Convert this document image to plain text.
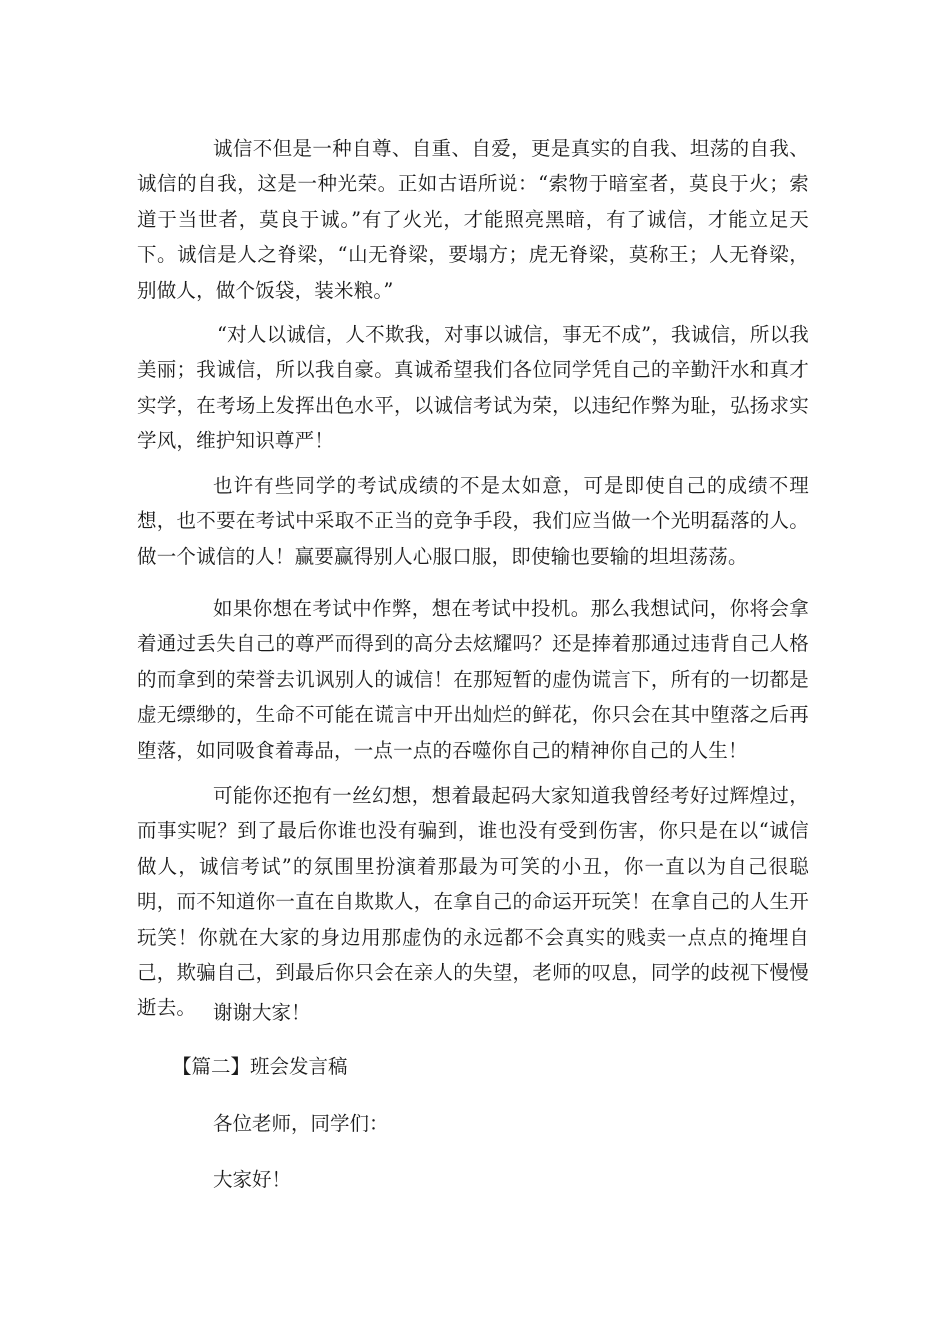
诚信不但是一种自尊、自重、自爱，更是真实的自我、坦荡的自我、诚信的自我，这是一种光荣。正如古语所说：“索物于暗室者，莫良于火；索道于当世者，莫良于诚。”有了火光，才能照亮黑暗，有了诚信，才能立足天下。诚信是人之脊梁，“山无脊梁，要塌方；虎无脊梁，莫称王；人无脊梁，别做人，做个饭袋，装米粮。”

“对人以诚信，人不欺我，对事以诚信，事无不成”，我诚信，所以我美丽；我诚信，所以我自豪。真诚希望我们各位同学凭自己的辛勤汗水和真才实学，在考场上发挥出色水平，以诚信考试为荣，以违纪作弊为耻，弘扬求实学风，维护知识尊严！

也许有些同学的考试成绩的不是太如意，可是即使自己的成绩不理想，也不要在考试中采取不正当的竞争手段，我们应当做一个光明磊落的人。做一个诚信的人！赢要赢得别人心服口服，即使输也要输的坦坦荡荡。

如果你想在考试中作弊，想在考试中投机。那么我想试问，你将会拿着通过丢失自己的尊严而得到的高分去炫耀吗？还是捧着那通过违背自己人格的而拿到的荣誉去讥讽别人的诚信！在那短暂的虚伪谎言下，所有的一切都是虚无缥缈的，生命不可能在谎言中开出灿烂的鲜花，你只会在其中堕落之后再堕落，如同吸食着毒品，一点一点的吞噬你自己的精神你自己的人生！

可能你还抱有一丝幻想，想着最起码大家知道我曾经考好过辉煌过，而事实呢？到了最后你谁也没有骗到，谁也没有受到伤害，你只是在以“诚信做人，诚信考试”的氛围里扮演着那最为可笑的小丑，你一直以为自己很聪明，而不知道你一直在自欺欺人，在拿自己的命运开玩笑！在拿自己的人生开玩笑！你就在大家的身边用那虚伪的永远都不会真实的贱卖一点点的掩埋自己，欺骗自己，到最后你只会在亲人的失望，老师的叹息，同学的歧视下慢慢逝去。 谢谢大家！

【篇二】班会发言稿

各位老师，同学们：

大家好！
